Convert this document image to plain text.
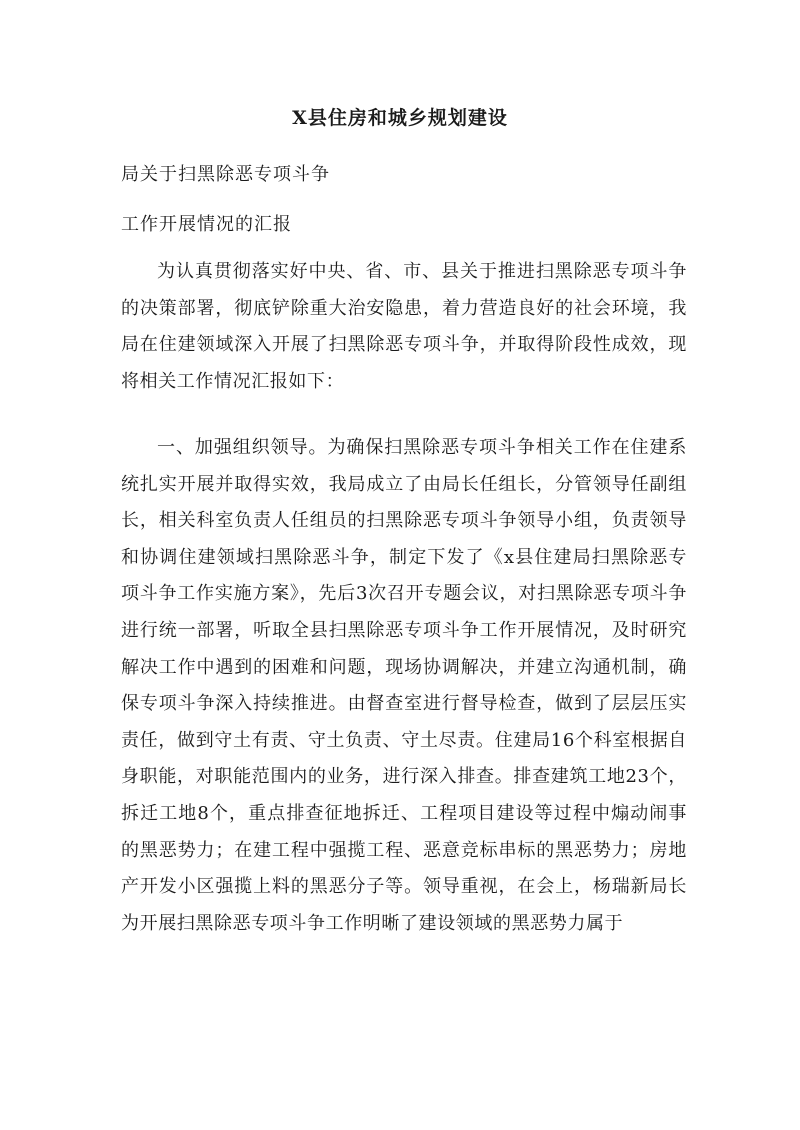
X县住房和城乡规划建设

局关于扫黑除恶专项斗争

工作开展情况的汇报

为认真贯彻落实好中央、省、市、县关于推进扫黑除恶专项斗争的决策部署，彻底铲除重大治安隐患，着力营造良好的社会环境，我局在住建领域深入开展了扫黑除恶专项斗争，并取得阶段性成效，现将相关工作情况汇报如下：

一、加强组织领导。为确保扫黑除恶专项斗争相关工作在住建系统扎实开展并取得实效，我局成立了由局长任组长，分管领导任副组长，相关科室负责人任组员的扫黑除恶专项斗争领导小组，负责领导和协调住建领域扫黑除恶斗争，制定下发了《x县住建局扫黑除恶专项斗争工作实施方案》，先后3次召开专题会议，对扫黑除恶专项斗争进行统一部署，听取全县扫黑除恶专项斗争工作开展情况，及时研究解决工作中遇到的困难和问题，现场协调解决，并建立沟通机制，确保专项斗争深入持续推进。由督查室进行督导检查，做到了层层压实责任，做到守土有责、守土负责、守土尽责。住建局16个科室根据自身职能，对职能范围内的业务，进行深入排查。排查建筑工地23个，拆迁工地8个，重点排查征地拆迁、工程项目建设等过程中煽动闹事的黑恶势力；在建工程中强揽工程、恶意竞标串标的黑恶势力；房地产开发小区强揽上料的黑恶分子等。领导重视，在会上，杨瑞新局长为开展扫黑除恶专项斗争工作明晰了建设领域的黑恶势力属于
